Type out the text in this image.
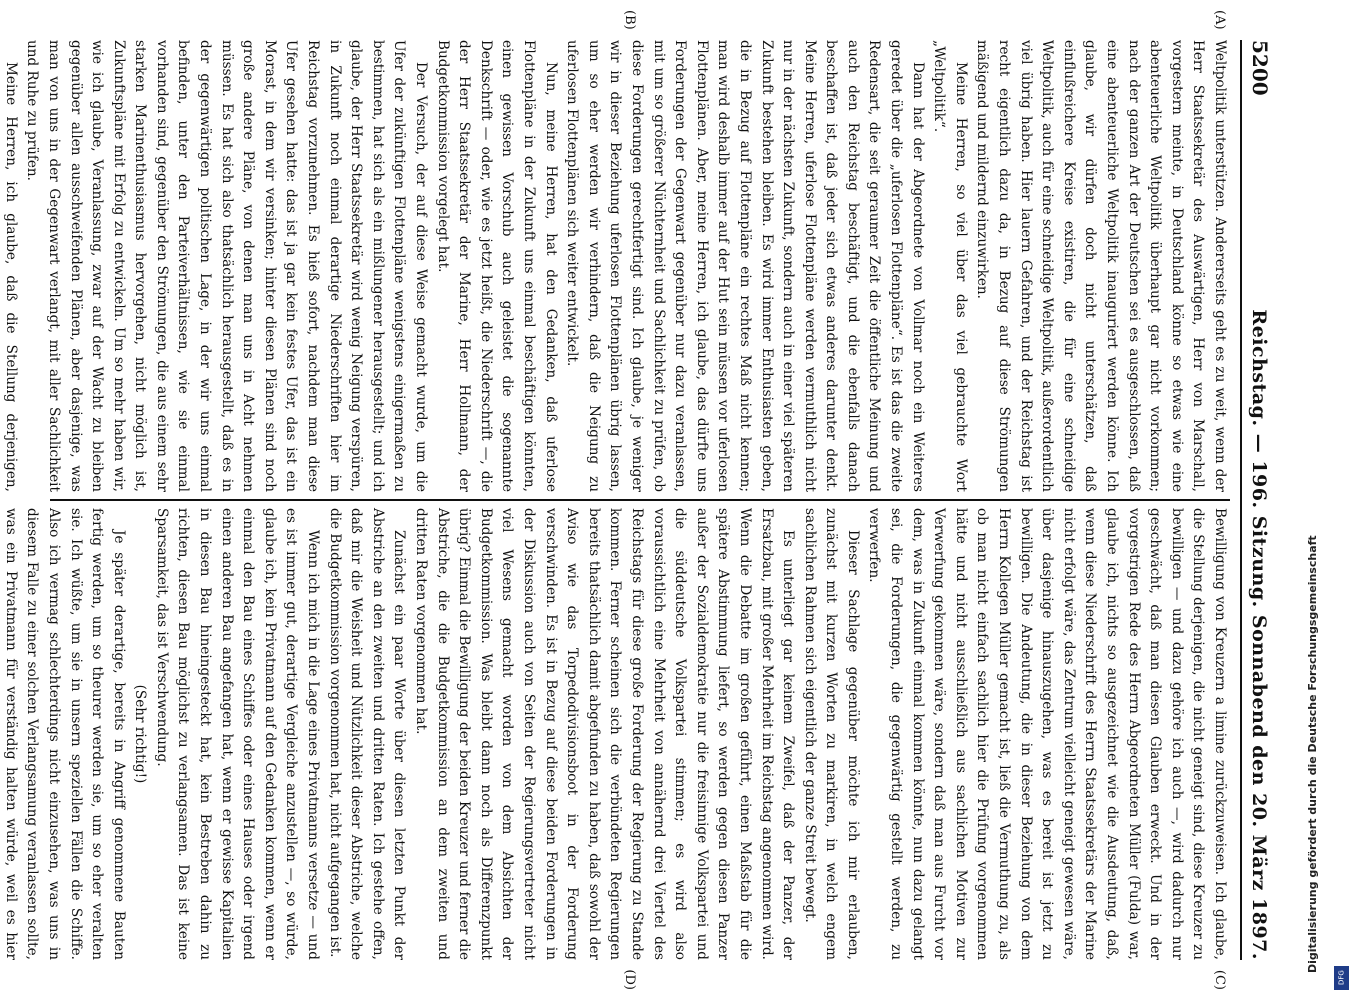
5200
Reichstag. — 196. Sitzung. Sonnabend den 20. März 1897.
(A)
(B)

Weltpolitik unterstützen. Andererseits geht es zu weit, wenn der Herr Staatssekretär des Auswärtigen, Herr von Marschall, vorgestern meinte, in Deutschland könne so etwas wie eine abenteuerliche Weltpolitik überhaupt gar nicht vorkommen; nach der ganzen Art der Deutschen sei es ausgeschlossen, daß eine abenteuerliche Weltpolitik inauguriert werden könne. Ich glaube, wir dürfen doch nicht unterschätzen, daß einflußreichere Kreise existiren, die für eine schneidige Weltpolitik, auch für eine schneidige Weltpolitik, außerordentlich viel übrig haben. Hier lauern Gefahren, und der Reichstag ist recht eigentlich dazu da, in Bezug auf diese Strömungen mäßigend und mildernd einzuwirken.

Meine Herren, so viel über das viel gebrauchte Wort „Weltpolitik“.

Dann hat der Abgeordnete von Vollmar noch ein Weiteres geredet über die „uferlosen Flottenpläne“. Es ist das die zweite Redensart, die seit geraumer Zeit die öffentliche Meinung und auch den Reichstag beschäftigt, und die ebenfalls danach beschaffen ist, daß jeder sich etwas anderes darunter denkt. Meine Herren, uferlose Flottenpläne werden vermuthlich nicht nur in der nächsten Zukunft, sondern auch in einer viel späteren Zukunft bestehen bleiben. Es wird immer Enthusiasten geben, die in Bezug auf Flottenpläne ein rechtes Maß nicht kennen; man wird deshalb immer auf der Hut sein müssen vor uferlosen Flottenplänen. Aber, meine Herren, ich glaube, das dürfte uns Forderungen der Gegenwart gegenüber nur dazu veranlassen, mit um so größerer Nüchternheit und Sachlichkeit zu prüfen, ob diese Forderungen gerechtfertigt sind. Ich glaube, je weniger wir in dieser Beziehung uferlosen Flottenplänen übrig lassen, um so eher werden wir verhindern, daß die Neigung zu uferlosen Flottenplänen sich weiter entwickelt.

Nun, meine Herren, hat den Gedanken, daß uferlose Flottenpläne in der Zukunft uns einmal beschäftigen könnten, einen gewissen Vorschub auch geleistet die sogenannte Denkschrift — oder, wie es jetzt heißt, die Niederschrift —, die der Herr Staatssekretär der Marine, Herr Hollmann, der Budgetkommission vorgelegt hat.

Der Versuch, der auf diese Weise gemacht wurde, um die Ufer der zukünftigen Flottenpläne wenigstens einigermaßen zu bestimmen, hat sich als ein mißlungener herausgestellt; und ich glaube, der Herr Staatssekretär wird wenig Neigung verspüren, in Zukunft noch einmal derartige Niederschriften hier im Reichstag vorzunehmen. Es hieß sofort, nachdem man diese Ufer gesehen hatte: das ist ja gar kein festes Ufer, das ist ein Morast, in dem wir versinken; hinter diesen Plänen sind noch große andere Pläne, von denen man uns in Acht nehmen müssen. Es hat sich also thatsächlich herausgestellt, daß es in der gegenwärtigen politischen Lage, in der wir uns einmal befinden, unter den Parteiverhältnissen, wie sie einmal vorhanden sind, gegenüber den Strömungen, die aus einem sehr starken Marinenthusiasmus hervorgehen, nicht möglich ist, Zukunftspläne mit Erfolg zu entwickeln. Um so mehr haben wir, wie ich glaube, Veranlassung, zwar auf der Wacht zu bleiben gegenüber allen ausschweifenden Plänen, aber dasjenige, was man von uns in der Gegenwart verlangt, mit aller Sachlichkeit und Ruhe zu prüfen.

Meine Herren, ich glaube, daß die Stellung derjenigen,

(C)
(D)

Bewilligung von Kreuzern a limine zurückzuweisen. Ich glaube, die Stellung derjenigen, die nicht geneigt sind, diese Kreuzer zu bewilligen — und dazu gehöre ich auch —, wird dadurch nur geschwächt, daß man diesen Glauben erweckt. Und in der vorgestrigen Rede des Herrn Abgeordneten Müller (Fulda) war, glaube ich, nichts so ausgezeichnet wie die Ausdeutung, daß, wenn diese Niederschrift des Herrn Staatssekretärs der Marine nicht erfolgt wäre, das Zentrum vielleicht geneigt gewesen wäre, über dasjenige hinauszugehen, was es bereit ist jetzt zu bewilligen. Die Andeutung, die in dieser Beziehung von dem Herrn Kollegen Müller gemacht ist, ließ die Vermuthung zu, als ob man nicht einfach sachlich hier die Prüfung vorgenommen hätte und nicht ausschließlich aus sachlichen Motiven zur Verwerfung gekommen wäre, sondern daß man aus Furcht vor dem, was in Zukunft einmal kommen könnte, nun dazu gelangt sei, die Forderungen, die gegenwärtig gestellt werden, zu verwerfen.

Dieser Sachlage gegenüber möchte ich mir erlauben, zunächst mit kurzen Worten zu markiren, in welch engem sachlichen Rahmen sich eigentlich der ganze Streit bewegt.

Es unterliegt gar keinem Zweifel, daß der Panzer, der Ersatzbau, mit großer Mehrheit im Reichstag angenommen wird. Wenn die Debatte im großen geführt, einen Maßstab für die spätere Abstimmung liefert, so werden gegen diesen Panzer außer der Sozialdemokratie nur die freisinnige Volkspartei und die süddeutsche Volkspartei stimmen; es wird also voraussichtlich eine Mehrheit von annähernd drei Viertel des Reichstags für diese große Forderung der Regierung zu Stande kommen. Ferner scheinen sich die verbündeten Regierungen bereits thatsächlich damit abgefunden zu haben, daß sowohl der Aviso wie das Torpedodivisionsboot in der Forderung verschwinden. Es ist in Bezug auf diese beiden Forderungen in der Diskussion auch von Seiten der Regierungsvertreter nicht viel Wesens gemacht worden von dem Absichten der Budgetkommission. Was bleibt dann noch als Differenzpunkt übrig? Einmal die Bewilligung der beiden Kreuzer und ferner die Abstriche, die die Budgetkommission an dem zweiten und dritten Raten vorgenommen hat.

Zunächst ein paar Worte über diesen letzten Punkt der Abstriche an den zweiten und dritten Raten. Ich gestehe offen, daß mir die Weisheit und Nützlichkeit dieser Abstriche, welche die Budgetkommission vorgenommen hat, nicht aufgegangen ist.

Wenn ich mich in die Lage eines Privatmanns versetze — und es ist immer gut, derartige Vergleiche anzustellen —, so würde, glaube ich, kein Privatmann auf den Gedanken kommen, wenn er einmal den Bau eines Schiffes oder eines Hauses oder irgend einen anderen Bau angefangen hat, wenn er gewisse Kapitalien in diesen Bau hineingesteckt hat, kein Bestreben dahin zu richten, diesen Bau möglichst zu verlangsamen. Das ist keine Sparsamkeit, das ist Verschwendung.

(Sehr richtig!)

Je später derartige, bereits in Angriff genommene Bauten fertig werden, um so theurer werden sie, um so eher veralten sie. Ich wüßte, um sie in unsern speziellen Fällen die Schiffe. Also ich vermag schlechterdings nicht einzusehen, was uns in diesem Falle zu einer solchen Verlangsamung veranlassen sollte, was ein Privatmann für verständig halten würde, weil es hier	Digitalisierung gefördert durch die Deutsche Forschungsgemeinschaft
DFG
